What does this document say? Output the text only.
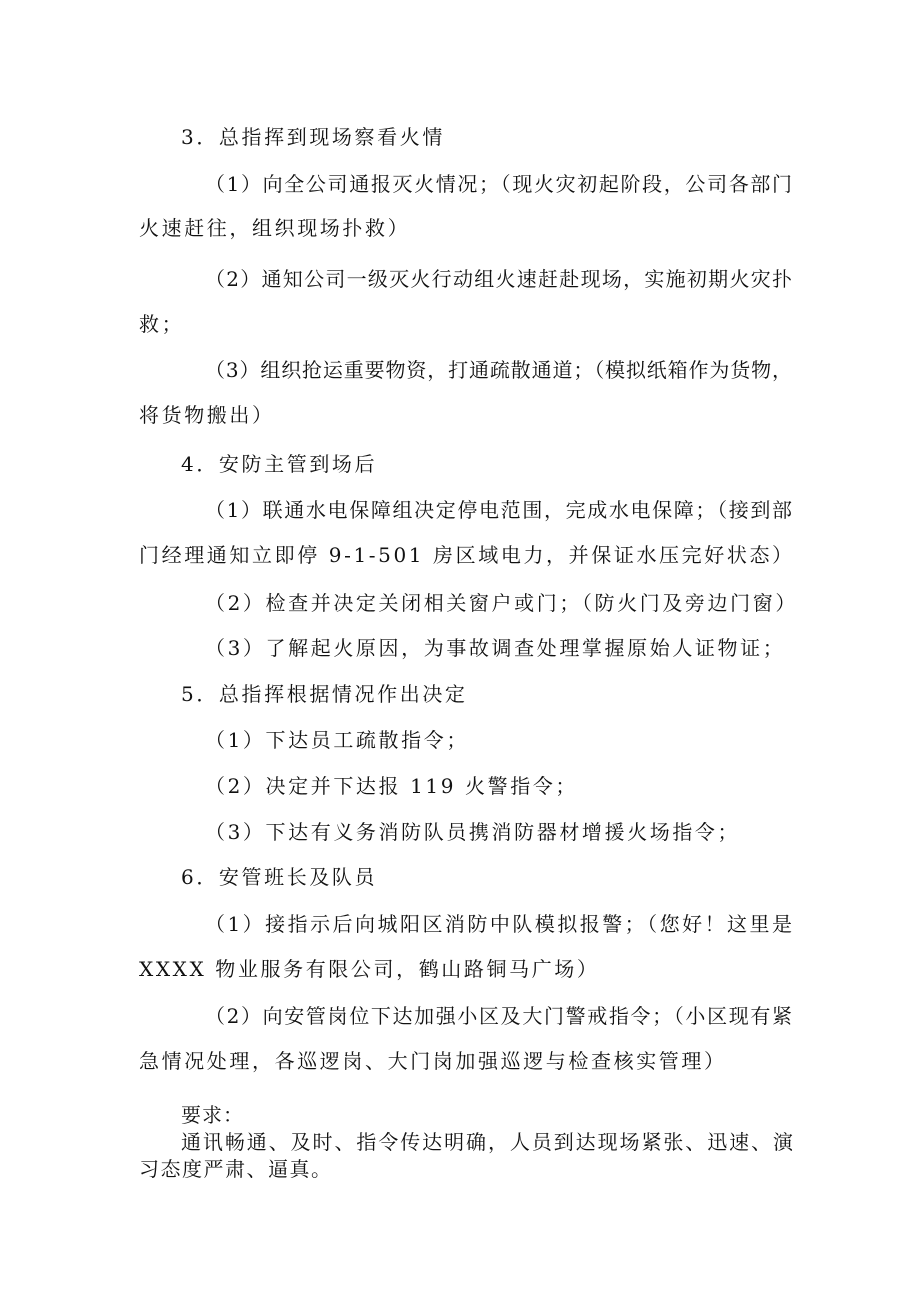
3．总指挥到现场察看火情
（1）向全公司通报灭火情况；（现火灾初起阶段，公司各部门
火速赶往，组织现场扑救）
（2）通知公司一级灭火行动组火速赶赴现场，实施初期火灾扑
救；
（3）组织抢运重要物资，打通疏散通道；（模拟纸箱作为货物，
将货物搬出）
4．安防主管到场后
（1）联通水电保障组决定停电范围，完成水电保障；（接到部
门经理通知立即停 9-1-501 房区域电力，并保证水压完好状态）
（2）检查并决定关闭相关窗户或门；（防火门及旁边门窗）
（3）了解起火原因，为事故调查处理掌握原始人证物证；
5．总指挥根据情况作出决定
（1）下达员工疏散指令；
（2）决定并下达报 119 火警指令；
（3）下达有义务消防队员携消防器材增援火场指令；
6．安管班长及队员
（1）接指示后向城阳区消防中队模拟报警；（您好！这里是
XXXX 物业服务有限公司，鹤山路铜马广场）
（2）向安管岗位下达加强小区及大门警戒指令；（小区现有紧
急情况处理，各巡逻岗、大门岗加强巡逻与检查核实管理）
要求：
通讯畅通、及时、指令传达明确，人员到达现场紧张、迅速、演
习态度严肃、逼真。
